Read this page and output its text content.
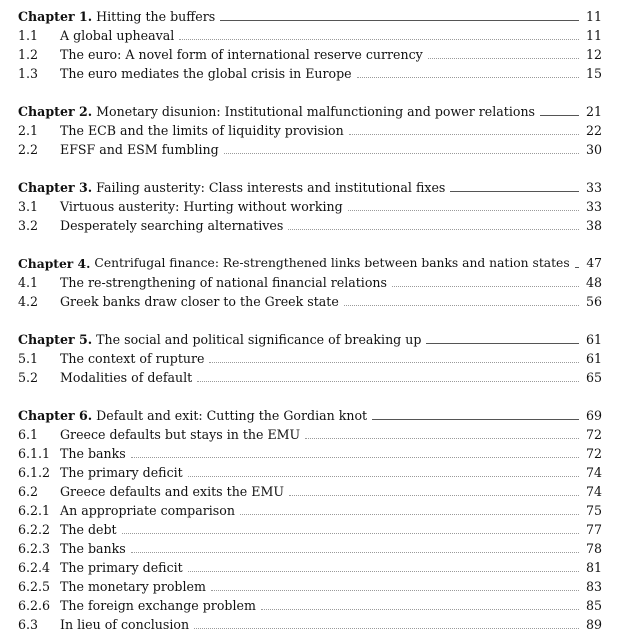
Chapter 1. Hitting the buffers	11
1.1	A global upheaval	11
1.2	The euro: A novel form of international reserve currency	12
1.3	The euro mediates the global crisis in Europe	15
Chapter 2. Monetary disunion: Institutional malfunctioning and power relations	21
2.1	The ECB and the limits of liquidity provision	22
2.2	EFSF and ESM fumbling	30
Chapter 3. Failing austerity: Class interests and institutional fixes	33
3.1	Virtuous austerity: Hurting without working	33
3.2	Desperately searching alternatives	38
Chapter 4. Centrifugal finance: Re-strengthened links between banks and nation states 47
4.1	The re-strengthening of national financial relations	48
4.2	Greek banks draw closer to the Greek state	56
Chapter 5. The social and political significance of breaking up	61
5.1	The context of rupture	61
5.2	Modalities of default	65
Chapter 6. Default and exit: Cutting the Gordian knot	69
6.1	Greece defaults but stays in the EMU	72
6.1.1 The banks	72
6.1.2 The primary deficit	74
6.2	Greece defaults and exits the EMU	74
6.2.1 An appropriate comparison	75
6.2.2 The debt	77
6.2.3 The banks	78
6.2.4 The primary deficit	81
6.2.5 The monetary problem	83
6.2.6 The foreign exchange problem	85
6.3	In lieu of conclusion	89
